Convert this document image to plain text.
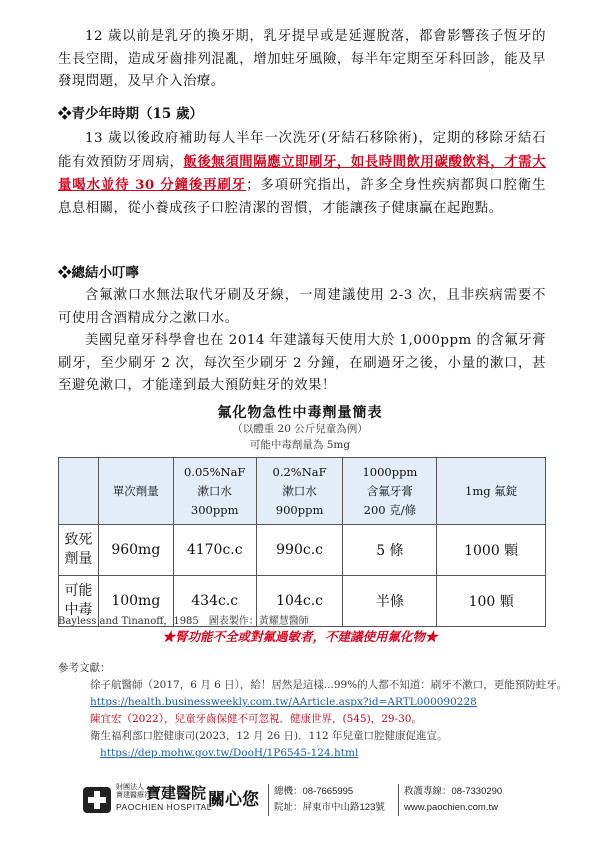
12 歲以前是乳牙的換牙期，乳牙提早或是延遲脫落，都會影響孩子恆牙的生長空間，造成牙齒排列混亂，增加蛀牙風險，每半年定期至牙科回診，能及早發現問題，及早介入治療。
❖青少年時期（15 歲）
13 歲以後政府補助每人半年一次洗牙(牙結石移除術)，定期的移除牙結石能有效預防牙周病，飯後無須間隔應立即刷牙，如長時間飲用碳酸飲料，才需大量喝水並待 30 分鐘後再刷牙；多項研究指出，許多全身性疾病都與口腔衛生息息相關，從小養成孩子口腔清潔的習慣，才能讓孩子健康贏在起跑點。
❖總結小叮嚀
含氟漱口水無法取代牙刷及牙線，一周建議使用 2-3 次，且非疾病需要不可使用含酒精成分之漱口水。
美國兒童牙科學會也在 2014 年建議每天使用大於 1,000ppm 的含氟牙膏刷牙，至少刷牙 2 次，每次至少刷牙 2 分鐘，在刷過牙之後，小量的漱口，甚至避免漱口，才能達到最大預防蛀牙的效果！
氟化物急性中毒劑量簡表
（以體重 20 公斤兒童為例）
可能中毒劑量為 5mg
	單次劑量	0.05%NaF
漱口水
300ppm	0.2%NaF
漱口水
900ppm	1000ppm
含氟牙膏
200 克/條	1mg 氟錠
致死
劑量	960mg	4170c.c	990c.c	5 條	1000 顆
可能
中毒	100mg	434c.c	104c.c	半條	100 顆
Bayless and Tinanoff，1985　圖表製作：黃耀慧醫師
★腎功能不全或對氟過敏者，不建議使用氟化物★
參考文獻：
徐子航醫師（2017，6 月 6 日），給！居然是這樣...99%的人都不知道：刷牙不漱口，更能預防蛀牙。https://health.businessweekly.com.tw/AArticle.aspx?id=ARTL000090228
陳宜宏（2022），兒童牙齒保健不可忽視．健康世界，(545)，29-30。
衛生福利部口腔健康司(2023，12 月 26 日)．112 年兒童口腔健康促進宣。
https://dep.mohw.gov.tw/DooH/1P6545-124.html
財團法人
寶建醫療社
寶建醫院
PAOCHIEN HOSPITAL
關心您 總機：08-7665995
院址：屏東市中山路123號
救護專線：08-7330290
www.paochien.com.tw
